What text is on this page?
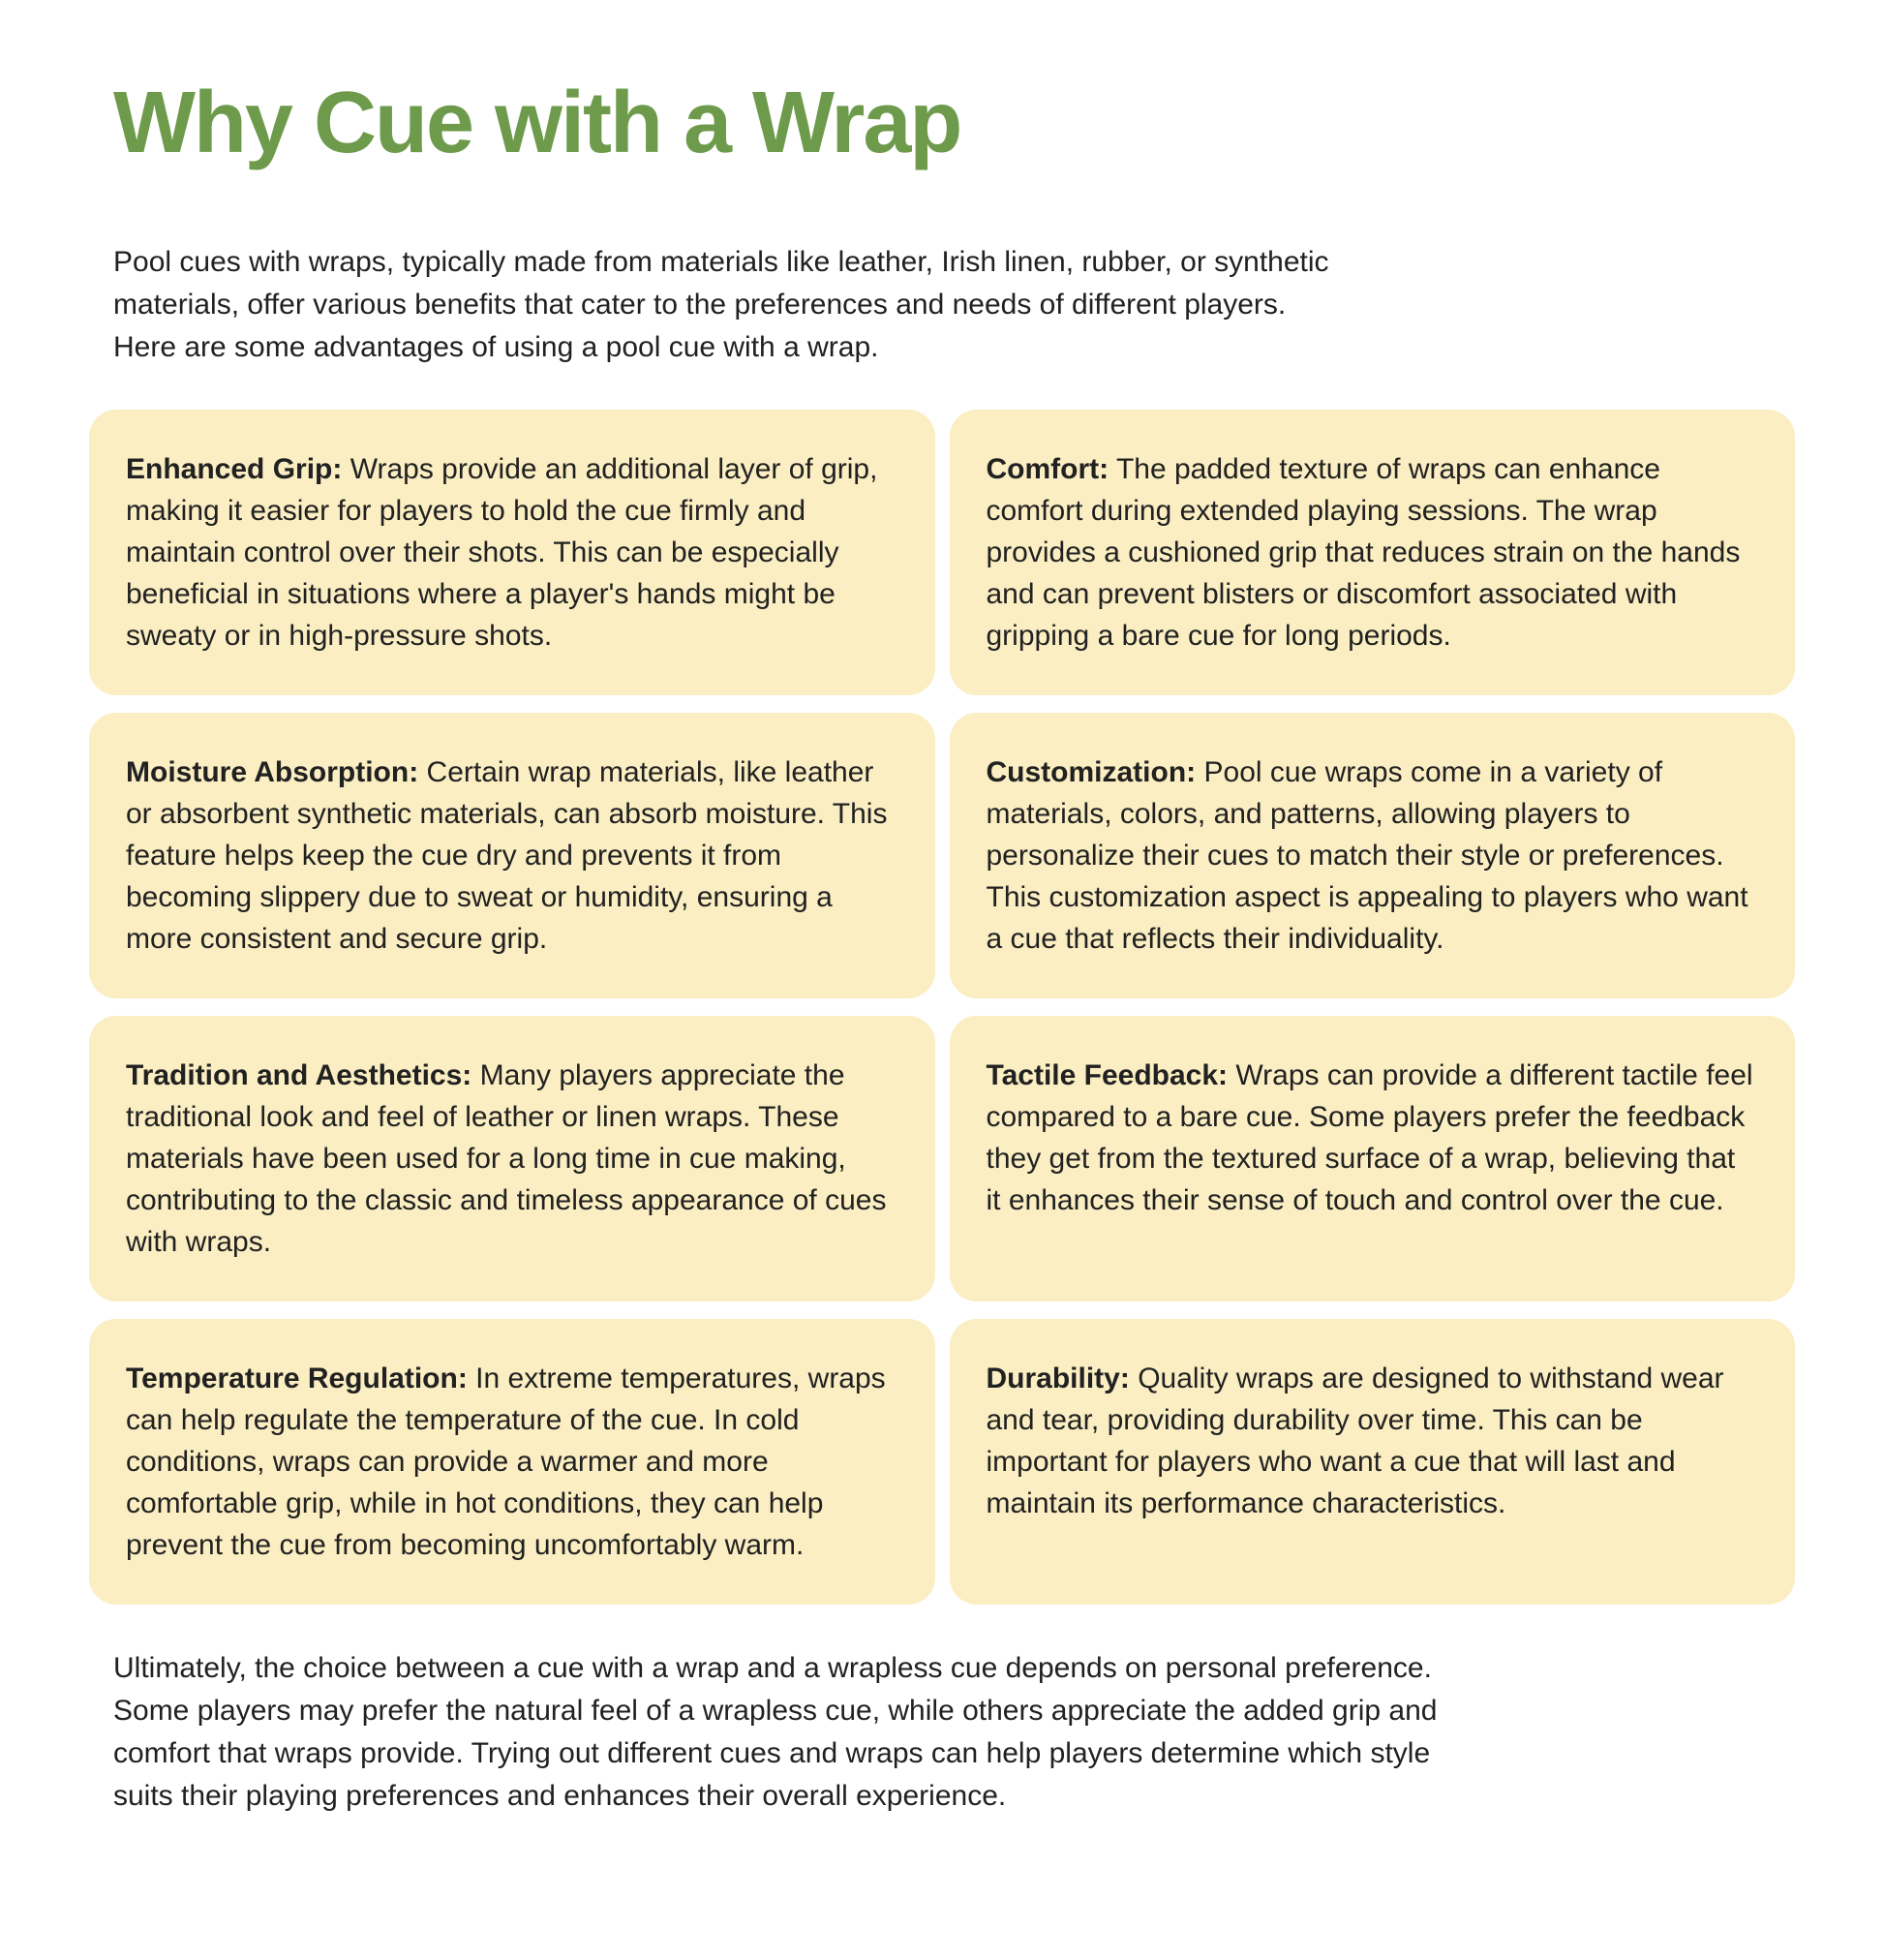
Why Cue with a Wrap

Pool cues with wraps, typically made from materials like leather, Irish linen, rubber, or synthetic
materials, offer various benefits that cater to the preferences and needs of different players.
Here are some advantages of using a pool cue with a wrap.

Enhanced Grip: Wraps provide an additional layer of grip, making it easier for players to hold the cue firmly and maintain control over their shots. This can be especially beneficial in situations where a player's hands might be sweaty or in high-pressure shots.

Comfort: The padded texture of wraps can enhance comfort during extended playing sessions. The wrap provides a cushioned grip that reduces strain on the hands and can prevent blisters or discomfort associated with gripping a bare cue for long periods.

Moisture Absorption: Certain wrap materials, like leather or absorbent synthetic materials, can absorb moisture. This feature helps keep the cue dry and prevents it from becoming slippery due to sweat or humidity, ensuring a more consistent and secure grip.

Customization: Pool cue wraps come in a variety of materials, colors, and patterns, allowing players to personalize their cues to match their style or preferences. This customization aspect is appealing to players who want a cue that reflects their individuality.

Tradition and Aesthetics: Many players appreciate the traditional look and feel of leather or linen wraps. These materials have been used for a long time in cue making, contributing to the classic and timeless appearance of cues with wraps.

Tactile Feedback: Wraps can provide a different tactile feel compared to a bare cue. Some players prefer the feedback they get from the textured surface of a wrap, believing that it enhances their sense of touch and control over the cue.

Temperature Regulation: In extreme temperatures, wraps can help regulate the temperature of the cue. In cold conditions, wraps can provide a warmer and more comfortable grip, while in hot conditions, they can help prevent the cue from becoming uncomfortably warm.

Durability: Quality wraps are designed to withstand wear and tear, providing durability over time. This can be important for players who want a cue that will last and maintain its performance characteristics.

Ultimately, the choice between a cue with a wrap and a wrapless cue depends on personal preference.
Some players may prefer the natural feel of a wrapless cue, while others appreciate the added grip and
comfort that wraps provide. Trying out different cues and wraps can help players determine which style
suits their playing preferences and enhances their overall experience.
